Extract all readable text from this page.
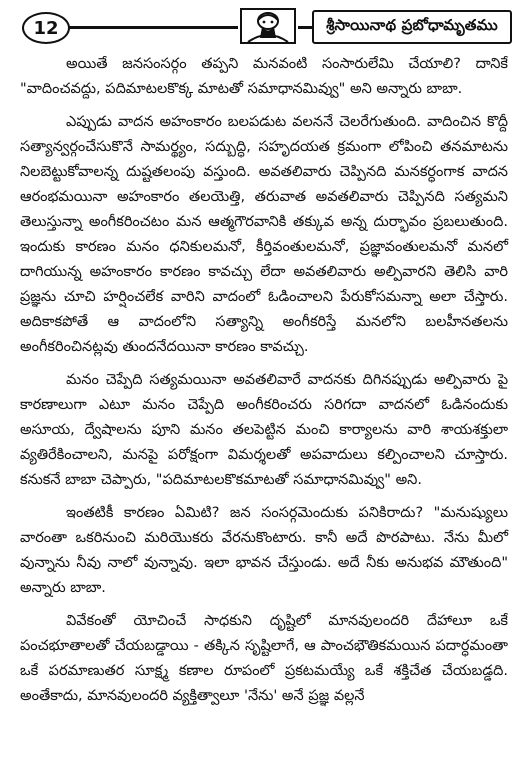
12	శ్రీసాయినాథ ప్రబోధామృతము

అయితే జనసంసర్గం తప్పని మనవంటి సంసారులేమి చేయాలి? దానికే "వాదించవద్దు, పదిమాటలకొక్క మాటతో సమాధానమివ్వు" అని అన్నారు బాబా.

ఎప్పుడు వాదన అహంకారం బలపడుట వలననే చెలరేగుతుంది. వాదించిన కొద్దీ సత్యాన్వర్గంచేసుకొనే సామర్థ్యం, సద్బుద్ధి, సహృదయత క్రమంగా లోపించి తనమాటను నిలబెట్టుకోవాలన్న దుష్టతలంపు వస్తుంది. అవతలివారు చెప్పినది మనకర్ధంగాక వాదన ఆరంభమయినా అహంకారం తలయెత్తి, తరువాత అవతలివారు చెప్పినది సత్యమని తెలుస్తున్నా అంగీకరించటం మన ఆత్మగౌరవానికి తక్కువ అన్న దుర్భావం ప్రబలుతుంది. ఇందుకు కారణం మనం ధనికులమనో, కీర్తివంతులమనో, ప్రజ్ఞావంతులమనో మనలో దాగియున్న అహంకారం కారణం కావచ్చు లేదా అవతలివారు అల్పివారని తెలిసి వారి ప్రజ్ఞను చూచి హర్షించలేక వారిని వాదంలో ఓడించాలని పేరుకోసమన్నా అలా చేస్తారు. అదికాకపోతే ఆ వాదంలోని సత్యాన్ని అంగీకరిస్తే మనలోని బలహీనతలను అంగీకరించినట్లవు తుందనేదయినా కారణం కావచ్చు.

మనం చెప్పేది సత్యమయినా అవతలివారే వాదనకు దిగినప్పుడు అల్పివారు పై కారణాలుగా ఎటూ మనం చెప్పేది అంగీకరించరు సరిగదా వాదనలో ఓడినందుకు అసూయ, ద్వేషాలను పూని మనం తలపెట్టిన మంచి కార్యాలను వారి శాయశక్తులా వ్యతిరేకించాలని, మనపై పరోక్షంగా విమర్శలతో అపవాదులు కల్పించాలని చూస్తారు. కనుకనే బాబా చెప్పారు, "పదిమాటలకొకమాటతో సమాధానమివ్వు" అని.

ఇంతటికీ కారణం ఏమిటి? జన సంసర్గమెందుకు పనికిరాదు? "మనుష్యులు వారంతా ఒకరినుంచి మరియొకరు వేరనుకొంటారు. కానీ అదే పొరపాటు. నేను మీలో వున్నాను నీవు నాలో వున్నావు. ఇలా భావన చేస్తుండు. అదే నీకు అనుభవ మౌతుంది" అన్నారు బాబా.

వివేకంతో యోచించే సాధకుని దృష్టిలో మానవులందరి దేహాలూ ఒకే పంచభూతాలతో చేయబడ్డాయి - తక్కిన సృష్టిలాగే, ఆ పాంచభౌతికమయిన పదార్ధమంతా ఒకే పరమాణుతర సూక్ష్మ కణాల రూపంలో ప్రకటమయ్యే ఒకే శక్తిచేత చేయబడ్డది. అంతేకాదు, మానవులందరి వ్యక్తిత్వాలూ 'నేను' అనే ప్రజ్ఞ వల్లనే
